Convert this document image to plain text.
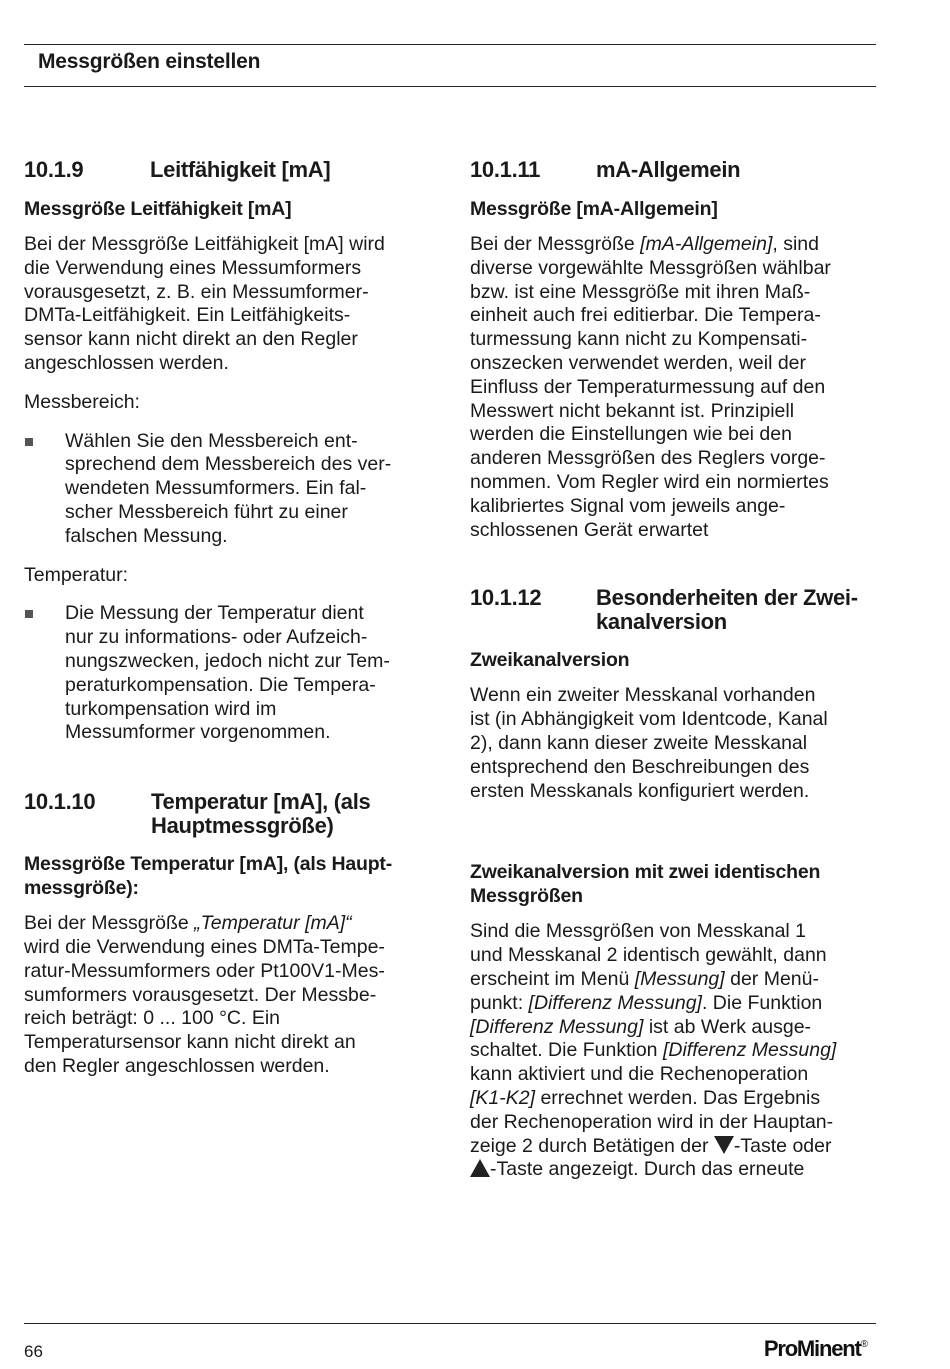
Messgrößen einstellen
10.1.9	Leitfähigkeit [mA]
Messgröße Leitfähigkeit [mA]

Bei der Messgröße Leitfähigkeit [mA] wird
die Verwendung eines Messumformers
vorausgesetzt, z. B. ein Messumformer-
DMTa-Leitfähigkeit. Ein Leitfähigkeits-
sensor kann nicht direkt an den Regler
angeschlossen werden.

Messbereich:

Wählen Sie den Messbereich ent-
sprechend dem Messbereich des ver-
wendeten Messumformers. Ein fal-
scher Messbereich führt zu einer
falschen Messung.

Temperatur:

Die Messung der Temperatur dient
nur zu informations- oder Aufzeich-
nungszwecken, jedoch nicht zur Tem-
peraturkompensation. Die Tempera-
turkompensation wird im
Messumformer vorgenommen.
10.1.10	Temperatur [mA], (als
Hauptmessgröße)
Messgröße Temperatur [mA], (als Haupt-
messgröße):

Bei der Messgröße „Temperatur [mA]“
wird die Verwendung eines DMTa-Tempe-
ratur-Messumformers oder Pt100V1-Mes-
sumformers vorausgesetzt. Der Messbe-
reich beträgt: 0 ... 100 °C. Ein
Temperatursensor kann nicht direkt an
den Regler angeschlossen werden.

10.1.11	mA-Allgemein
Messgröße [mA-Allgemein]

Bei der Messgröße [mA-Allgemein], sind
diverse vorgewählte Messgrößen wählbar
bzw. ist eine Messgröße mit ihren Maß-
einheit auch frei editierbar. Die Tempera-
turmessung kann nicht zu Kompensati-
onszecken verwendet werden, weil der
Einfluss der Temperaturmessung auf den
Messwert nicht bekannt ist. Prinzipiell
werden die Einstellungen wie bei den
anderen Messgrößen des Reglers vorge-
nommen. Vom Regler wird ein normiertes
kalibriertes Signal vom jeweils ange-
schlossenen Gerät erwartet

10.1.12	Besonderheiten der Zwei-
kanalversion
Zweikanalversion

Wenn ein zweiter Messkanal vorhanden
ist (in Abhängigkeit vom Identcode, Kanal
2), dann kann dieser zweite Messkanal
entsprechend den Beschreibungen des
ersten Messkanals konfiguriert werden.

Zweikanalversion mit zwei identischen
Messgrößen

Sind die Messgrößen von Messkanal 1
und Messkanal 2 identisch gewählt, dann
erscheint im Menü [Messung] der Menü-
punkt: [Differenz Messung]. Die Funktion
[Differenz Messung] ist ab Werk ausge-
schaltet. Die Funktion [Differenz Messung]
kann aktiviert und die Rechenoperation
[K1-K2] errechnet werden. Das Ergebnis
der Rechenoperation wird in der Hauptan-
zeige 2 durch Betätigen der -Taste oder
-Taste angezeigt. Durch das erneute

66	ProMinent®
